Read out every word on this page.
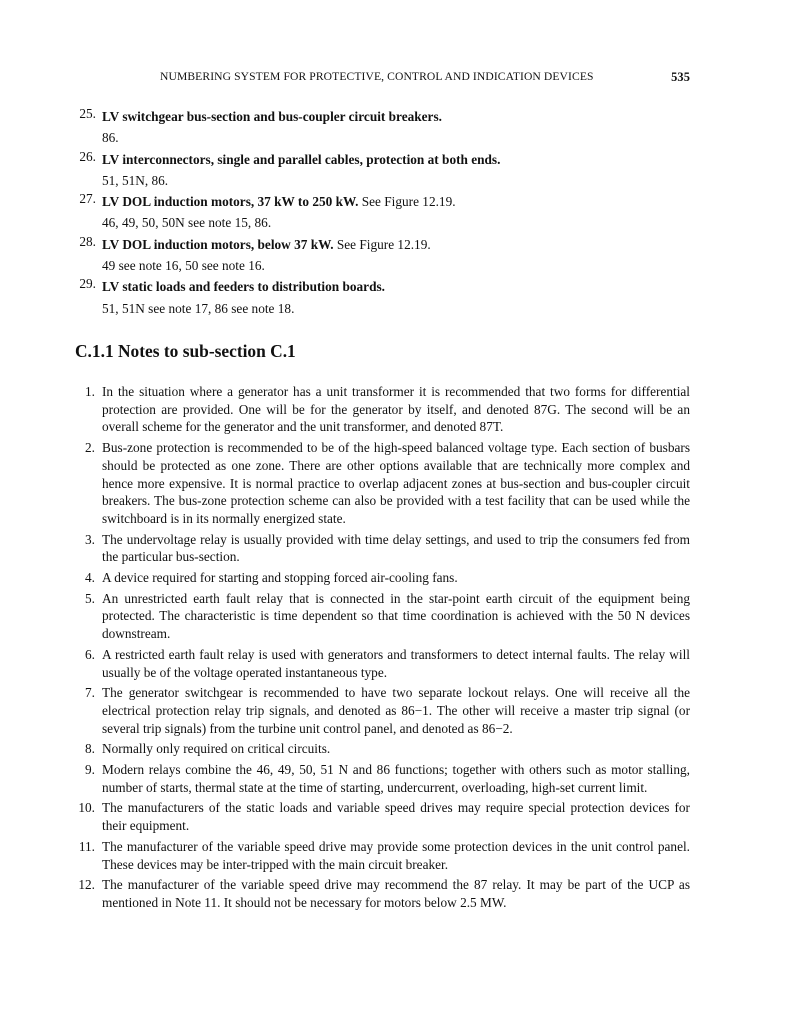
NUMBERING SYSTEM FOR PROTECTIVE, CONTROL AND INDICATION DEVICES	535
25. LV switchgear bus-section and bus-coupler circuit breakers.
86.
26. LV interconnectors, single and parallel cables, protection at both ends.
51, 51N, 86.
27. LV DOL induction motors, 37 kW to 250 kW. See Figure 12.19.
46, 49, 50, 50N see note 15, 86.
28. LV DOL induction motors, below 37 kW. See Figure 12.19.
49 see note 16, 50 see note 16.
29. LV static loads and feeders to distribution boards.
51, 51N see note 17, 86 see note 18.
C.1.1 Notes to sub-section C.1
1. In the situation where a generator has a unit transformer it is recommended that two forms for differential protection are provided. One will be for the generator by itself, and denoted 87G. The second will be an overall scheme for the generator and the unit transformer, and denoted 87T.
2. Bus-zone protection is recommended to be of the high-speed balanced voltage type. Each section of busbars should be protected as one zone. There are other options available that are technically more complex and hence more expensive. It is normal practice to overlap adjacent zones at bus-section and bus-coupler circuit breakers. The bus-zone protection scheme can also be provided with a test facility that can be used while the switchboard is in its normally energized state.
3. The undervoltage relay is usually provided with time delay settings, and used to trip the consumers fed from the particular bus-section.
4. A device required for starting and stopping forced air-cooling fans.
5. An unrestricted earth fault relay that is connected in the star-point earth circuit of the equipment being protected. The characteristic is time dependent so that time coordination is achieved with the 50 N devices downstream.
6. A restricted earth fault relay is used with generators and transformers to detect internal faults. The relay will usually be of the voltage operated instantaneous type.
7. The generator switchgear is recommended to have two separate lockout relays. One will receive all the electrical protection relay trip signals, and denoted as 86−1. The other will receive a master trip signal (or several trip signals) from the turbine unit control panel, and denoted as 86−2.
8. Normally only required on critical circuits.
9. Modern relays combine the 46, 49, 50, 51 N and 86 functions; together with others such as motor stalling, number of starts, thermal state at the time of starting, undercurrent, overloading, high-set current limit.
10. The manufacturers of the static loads and variable speed drives may require special protection devices for their equipment.
11. The manufacturer of the variable speed drive may provide some protection devices in the unit control panel. These devices may be inter-tripped with the main circuit breaker.
12. The manufacturer of the variable speed drive may recommend the 87 relay. It may be part of the UCP as mentioned in Note 11. It should not be necessary for motors below 2.5 MW.
